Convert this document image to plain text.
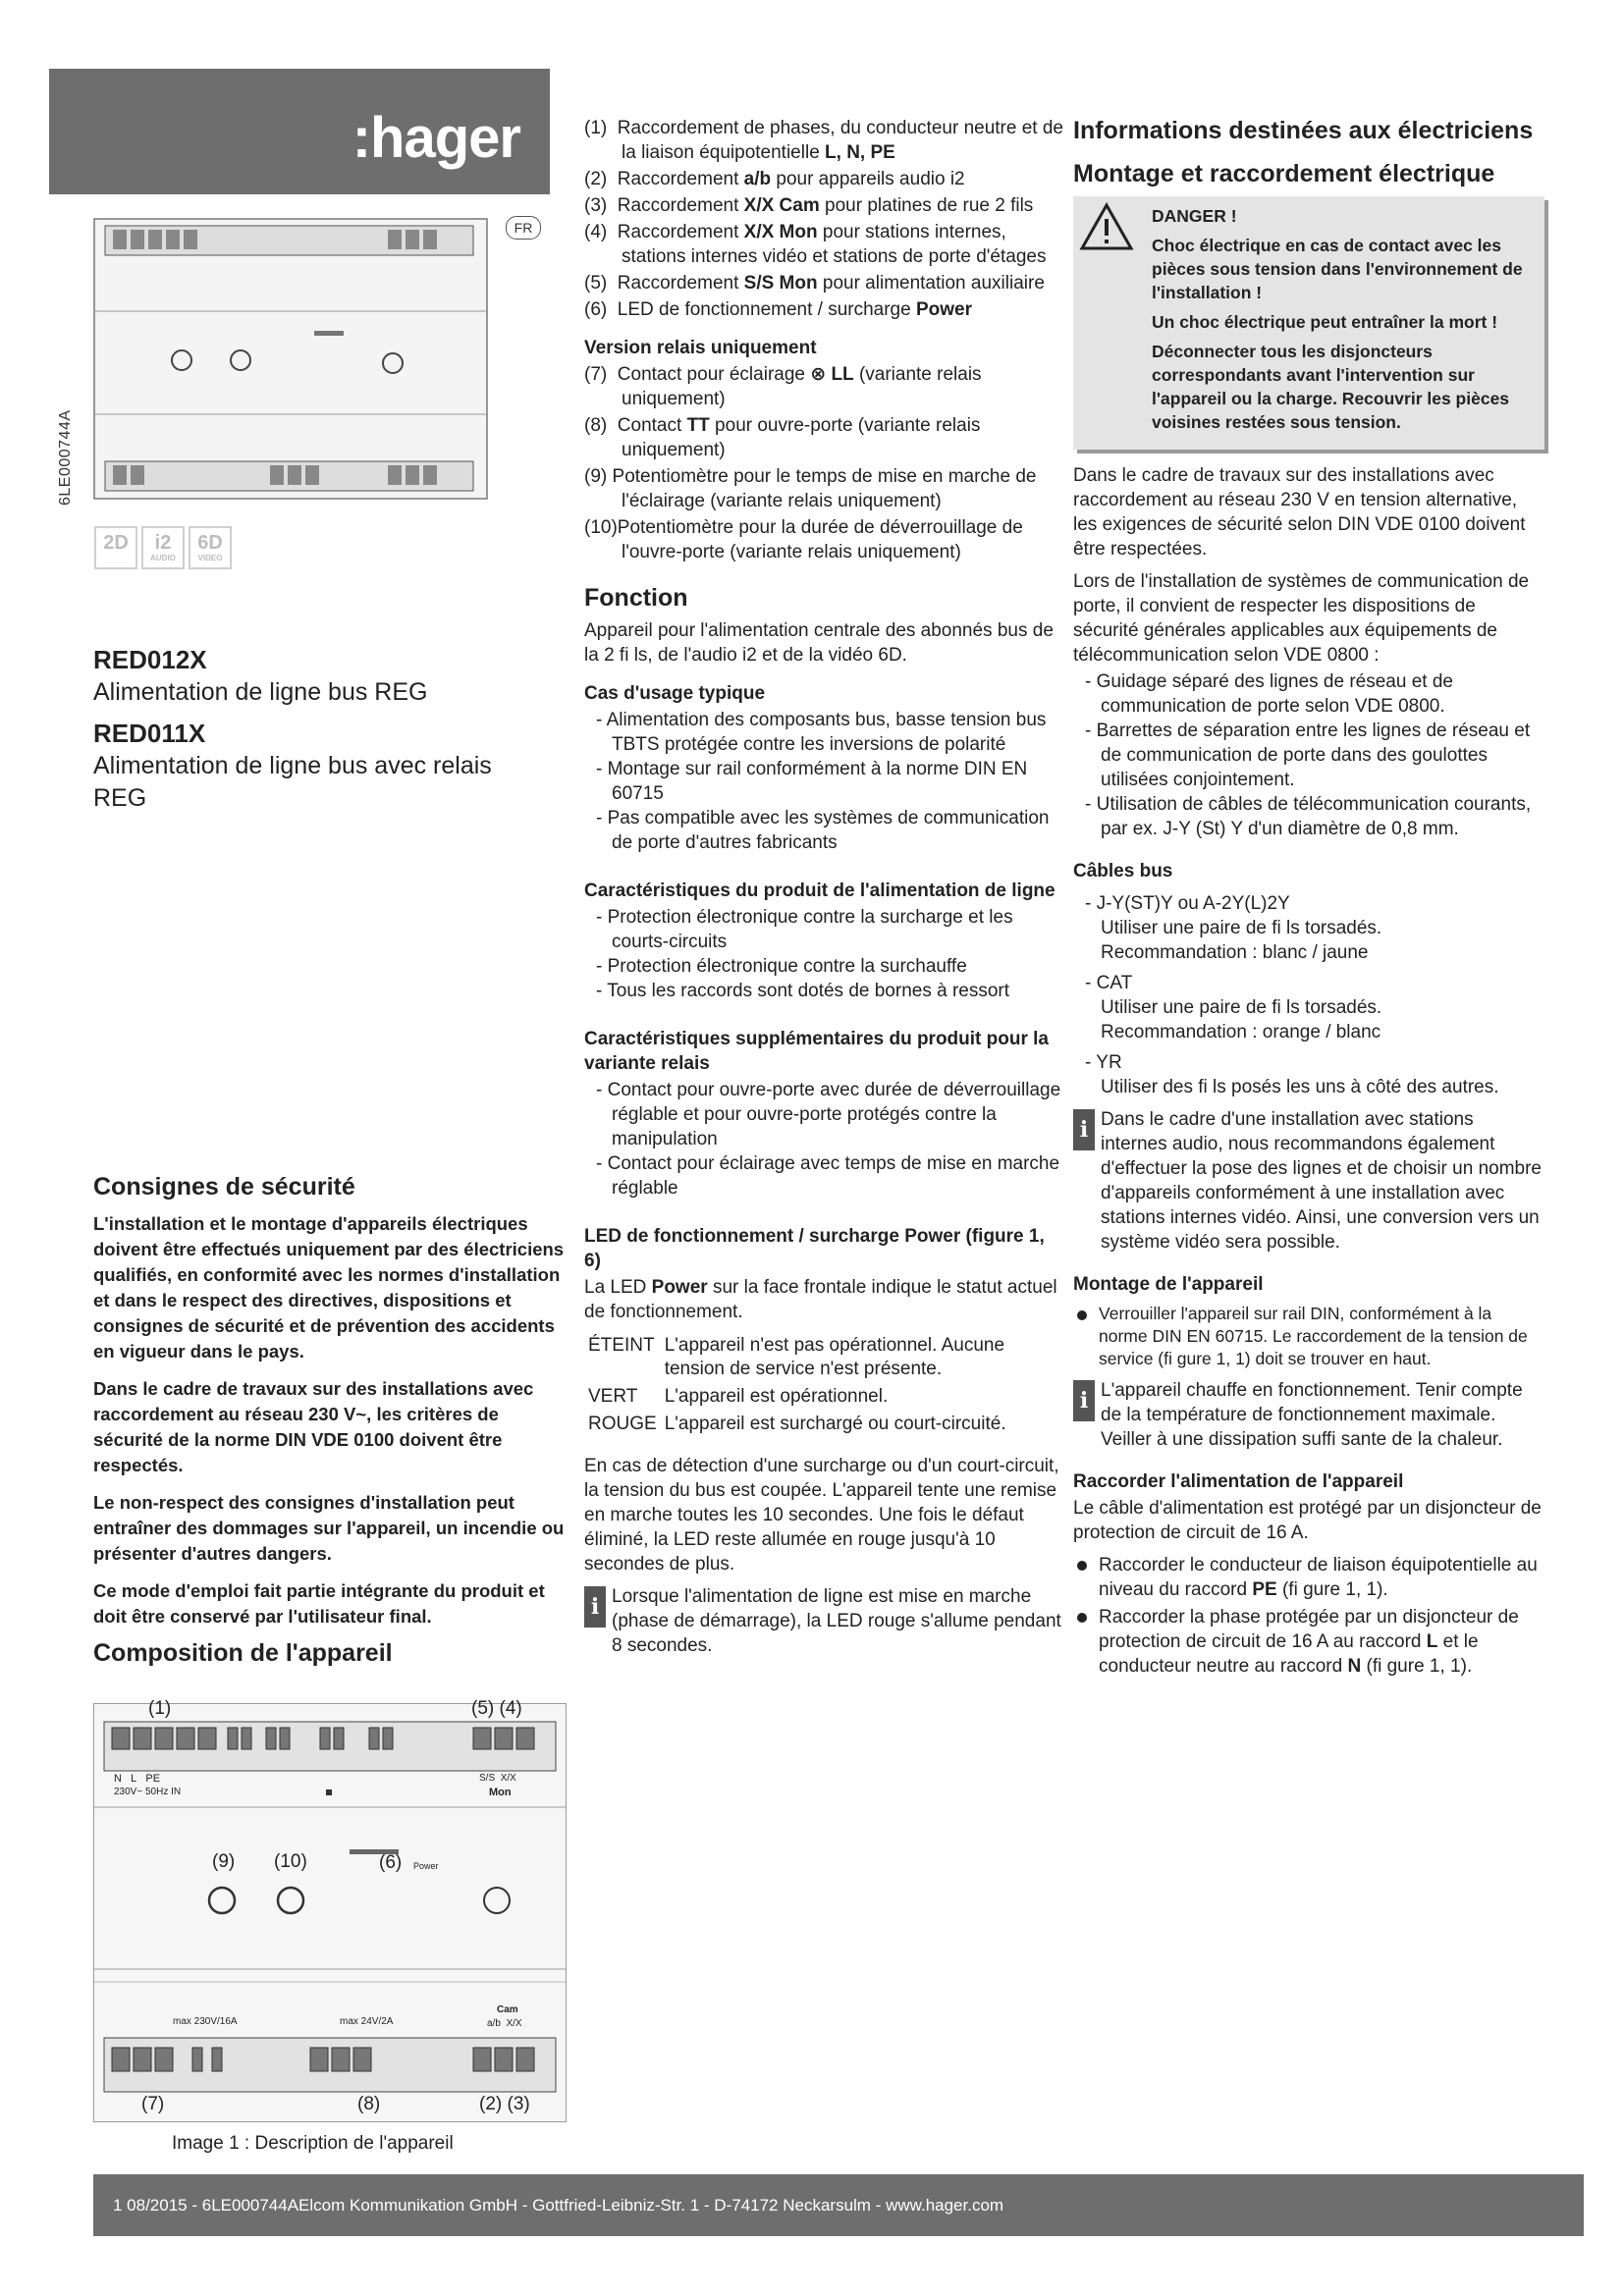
:hager
FR
6LE000744A
2D	i2
AUDIO
6D
VIDEO

RED012X

Alimentation de ligne bus REG

RED011X

Alimentation de ligne bus avec relais REG

Consignes de sécurité

L'installation et le montage d'appareils électriques doivent être effectués uniquement par des électriciens qualifiés, en conformité avec les normes d'installation et dans le respect des directives, dispositions et consignes de sécurité et de prévention des accidents en vigueur dans le pays.

Dans le cadre de travaux sur des installations avec raccordement au réseau 230 V~, les critères de sécurité de la norme DIN VDE 0100 doivent être respectés.

Le non-respect des consignes d'installation peut entraîner des dommages sur l'appareil, un incendie ou présenter d'autres dangers.

Ce mode d'emploi fait partie intégrante du produit et doit être conservé par l'utilisateur final.

Composition de l'appareil
(1)	(5) (4)
N L PE
230V~ 50Hz IN
S/S X/X
Mon
(9) (10)	(6) Power
max 230V/16A	max 24V/2A
Cam
a/b X/X
(7)	(8)	(2) (3)
Image 1 : Description de l'appareil
(1) Raccordement de phases, du conducteur neutre et de la liaison équipotentielle L, N, PE
(2) Raccordement a/b pour appareils audio i2
(3) Raccordement X/X Cam pour platines de rue 2 fils
(4) Raccordement X/X Mon pour stations internes, stations internes vidéo et stations de porte d'étages
(5) Raccordement S/S Mon pour alimentation auxiliaire
(6) LED de fonctionnement / surcharge Power
Version relais uniquement
(7) Contact pour éclairage ⊗ LL (variante relais uniquement)
(8) Contact TT pour ouvre-porte (variante relais uniquement)
(9) Potentiomètre pour le temps de mise en marche de l'éclairage (variante relais uniquement)
(10)Potentiomètre pour la durée de déverrouillage de l'ouvre-porte (variante relais uniquement)
Fonction

Appareil pour l'alimentation centrale des abonnés bus de la 2 fi ls, de l'audio i2 et de la vidéo 6D.

Cas d'usage typique
- Alimentation des composants bus, basse tension bus TBTS protégée contre les inversions de polarité
- Montage sur rail conformément à la norme DIN EN 60715
- Pas compatible avec les systèmes de communication de porte d'autres fabricants
Caractéristiques du produit de l'alimentation de ligne
- Protection électronique contre la surcharge et les courts-circuits
- Protection électronique contre la surchauffe
- Tous les raccords sont dotés de bornes à ressort
Caractéristiques supplémentaires du produit pour la variante relais
- Contact pour ouvre-porte avec durée de déverrouillage réglable et pour ouvre-porte protégés contre la manipulation
- Contact pour éclairage avec temps de mise en marche réglable
LED de fonctionnement / surcharge Power (figure 1, 6)

La LED Power sur la face frontale indique le statut actuel de fonctionnement.

ÉTEINT	L'appareil n'est pas opérationnel. Aucune tension de service n'est présente.
VERT	L'appareil est opérationnel.
ROUGE	L'appareil est surchargé ou court-circuité.

En cas de détection d'une surcharge ou d'un court-circuit, la tension du bus est coupée. L'appareil tente une remise en marche toutes les 10 secondes. Une fois le défaut éliminé, la LED reste allumée en rouge jusqu'à 10 secondes de plus.

i Lorsque l'alimentation de ligne est mise en marche (phase de démarrage), la LED rouge s'allume pendant 8 secondes.
Informations destinées aux électriciens
Montage et raccordement électrique

DANGER !

Choc électrique en cas de contact avec les pièces sous tension dans l'environnement de l'installation !

Un choc électrique peut entraîner la mort !

Déconnecter tous les disjoncteurs correspondants avant l'intervention sur l'appareil ou la charge. Recouvrir les pièces voisines restées sous tension.

Dans le cadre de travaux sur des installations avec raccordement au réseau 230 V en tension alternative, les exigences de sécurité selon DIN VDE 0100 doivent être respectées.

Lors de l'installation de systèmes de communication de porte, il convient de respecter les dispositions de sécurité générales applicables aux équipements de télécommunication selon VDE 0800 :

- Guidage séparé des lignes de réseau et de communication de porte selon VDE 0800.
- Barrettes de séparation entre les lignes de réseau et de communication de porte dans des goulottes utilisées conjointement.
- Utilisation de câbles de télécommunication courants, par ex. J-Y (St) Y d'un diamètre de 0,8 mm.
Câbles bus
- J-Y(ST)Y ou A-2Y(L)2Y
Utiliser une paire de fi ls torsadés.
Recommandation : blanc / jaune
- CAT
Utiliser une paire de fi ls torsadés.
Recommandation : orange / blanc
- YR
Utiliser des fi ls posés les uns à côté des autres.
i Dans le cadre d'une installation avec stations internes audio, nous recommandons également d'effectuer la pose des lignes et de choisir un nombre d'appareils conformément à une installation avec stations internes vidéo. Ainsi, une conversion vers un système vidéo sera possible.
Montage de l'appareil
Verrouiller l'appareil sur rail DIN, conformément à la norme DIN EN 60715. Le raccordement de la tension de service (fi gure 1, 1) doit se trouver en haut.
i L'appareil chauffe en fonctionnement. Tenir compte de la température de fonctionnement maximale. Veiller à une dissipation suffi sante de la chaleur.
Raccorder l'alimentation de l'appareil

Le câble d'alimentation est protégé par un disjoncteur de protection de circuit de 16 A.

Raccorder le conducteur de liaison équipotentielle au niveau du raccord PE (fi gure 1, 1).
Raccorder la phase protégée par un disjoncteur de protection de circuit de 16 A au raccord L et le conducteur neutre au raccord N (fi gure 1, 1).
1 08/2015 - 6LE000744AElcom Kommunikation GmbH - Gottfried-Leibniz-Str. 1 - D-74172 Neckarsulm - www.hager.com
